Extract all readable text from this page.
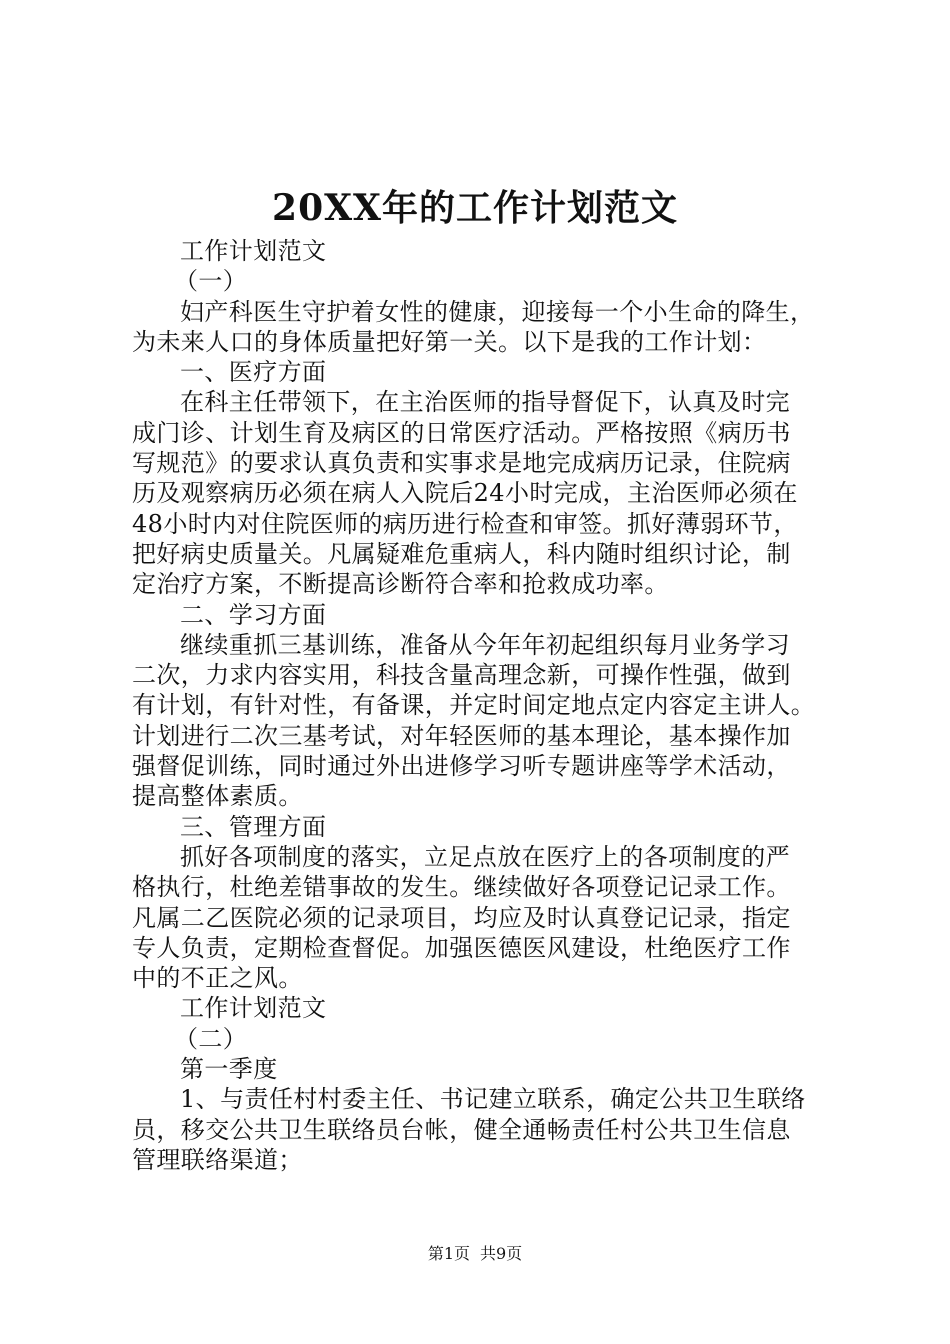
20XX年的工作计划范文
工作计划范文
（一）
妇产科医生守护着女性的健康，迎接每一个小生命的降生，
为未来人口的身体质量把好第一关。以下是我的工作计划：
一、医疗方面
在科主任带领下，在主治医师的指导督促下，认真及时完
成门诊、计划生育及病区的日常医疗活动。严格按照《病历书
写规范》的要求认真负责和实事求是地完成病历记录，住院病
历及观察病历必须在病人入院后24小时完成，主治医师必须在
48小时内对住院医师的病历进行检查和审签。抓好薄弱环节，
把好病史质量关。凡属疑难危重病人，科内随时组织讨论，制
定治疗方案，不断提高诊断符合率和抢救成功率。
二、学习方面
继续重抓三基训练，准备从今年年初起组织每月业务学习
二次，力求内容实用，科技含量高理念新，可操作性强，做到
有计划，有针对性，有备课，并定时间定地点定内容定主讲人。
计划进行二次三基考试，对年轻医师的基本理论，基本操作加
强督促训练，同时通过外出进修学习听专题讲座等学术活动，
提高整体素质。
三、管理方面
抓好各项制度的落实，立足点放在医疗上的各项制度的严
格执行，杜绝差错事故的发生。继续做好各项登记记录工作。
凡属二乙医院必须的记录项目，均应及时认真登记记录，指定
专人负责，定期检查督促。加强医德医风建设，杜绝医疗工作
中的不正之风。
工作计划范文
（二）
第一季度
1、与责任村村委主任、书记建立联系，确定公共卫生联络
员，移交公共卫生联络员台帐，健全通畅责任村公共卫生信息
管理联络渠道；
第1页 共9页
